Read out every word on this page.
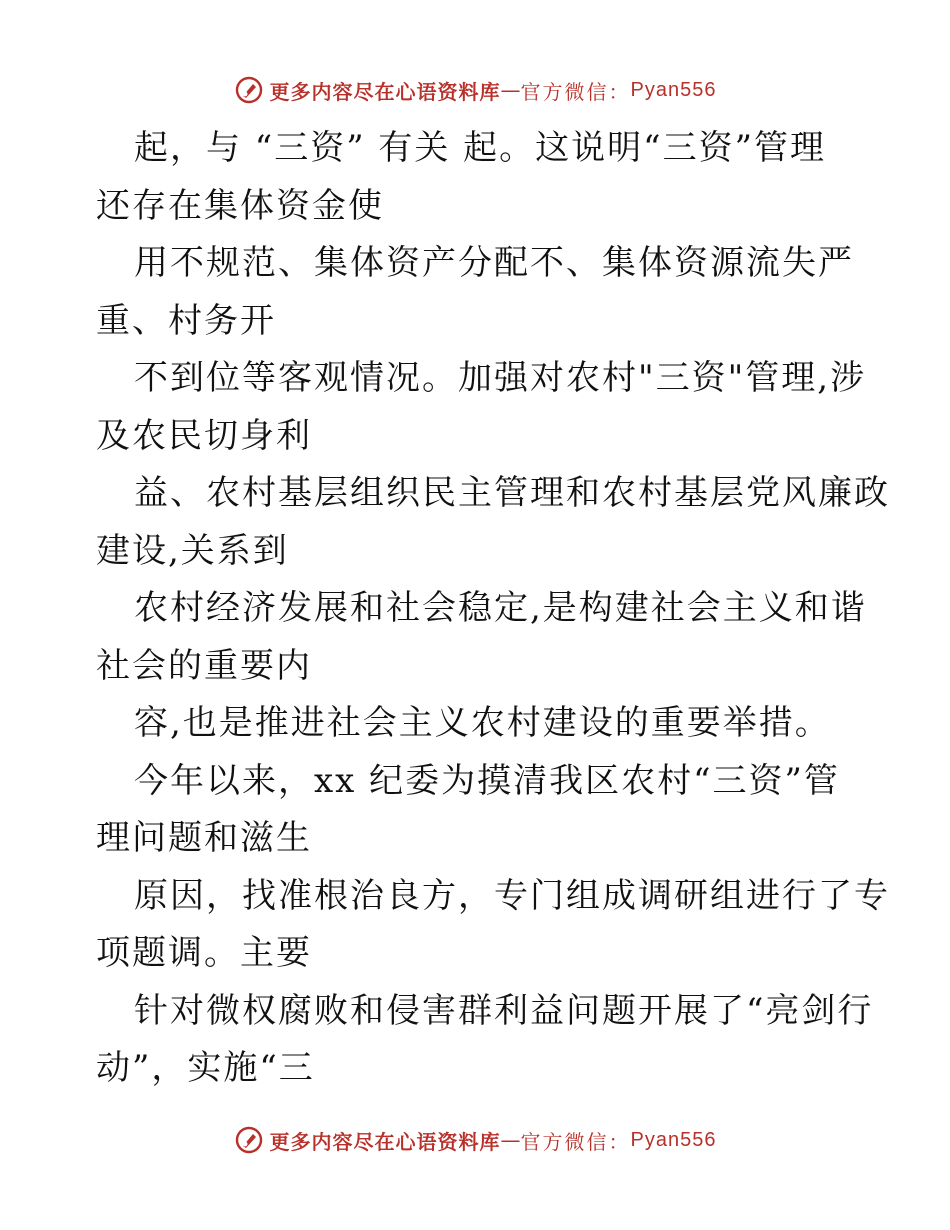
更多内容尽在心语资料库 — 官方微信： Pyan556
起，与 “三资” 有关 起。这说明“三资”管理
还存在集体资金使
用不规范、集体资产分配不、集体资源流失严
重、村务开
不到位等客观情况。加强对农村"三资"管理,涉
及农民切身利
益、农村基层组织民主管理和农村基层党风廉政
建设,关系到
农村经济发展和社会稳定,是构建社会主义和谐
社会的重要内
容,也是推进社会主义农村建设的重要举措。
今年以来，xx 纪委为摸清我区农村“三资”管
理问题和滋生
原因，找准根治良方，专门组成调研组进行了专
项题调。主要
针对微权腐败和侵害群利益问题开展了“亮剑行
动”，实施“三
更多内容尽在心语资料库 — 官方微信： Pyan556
